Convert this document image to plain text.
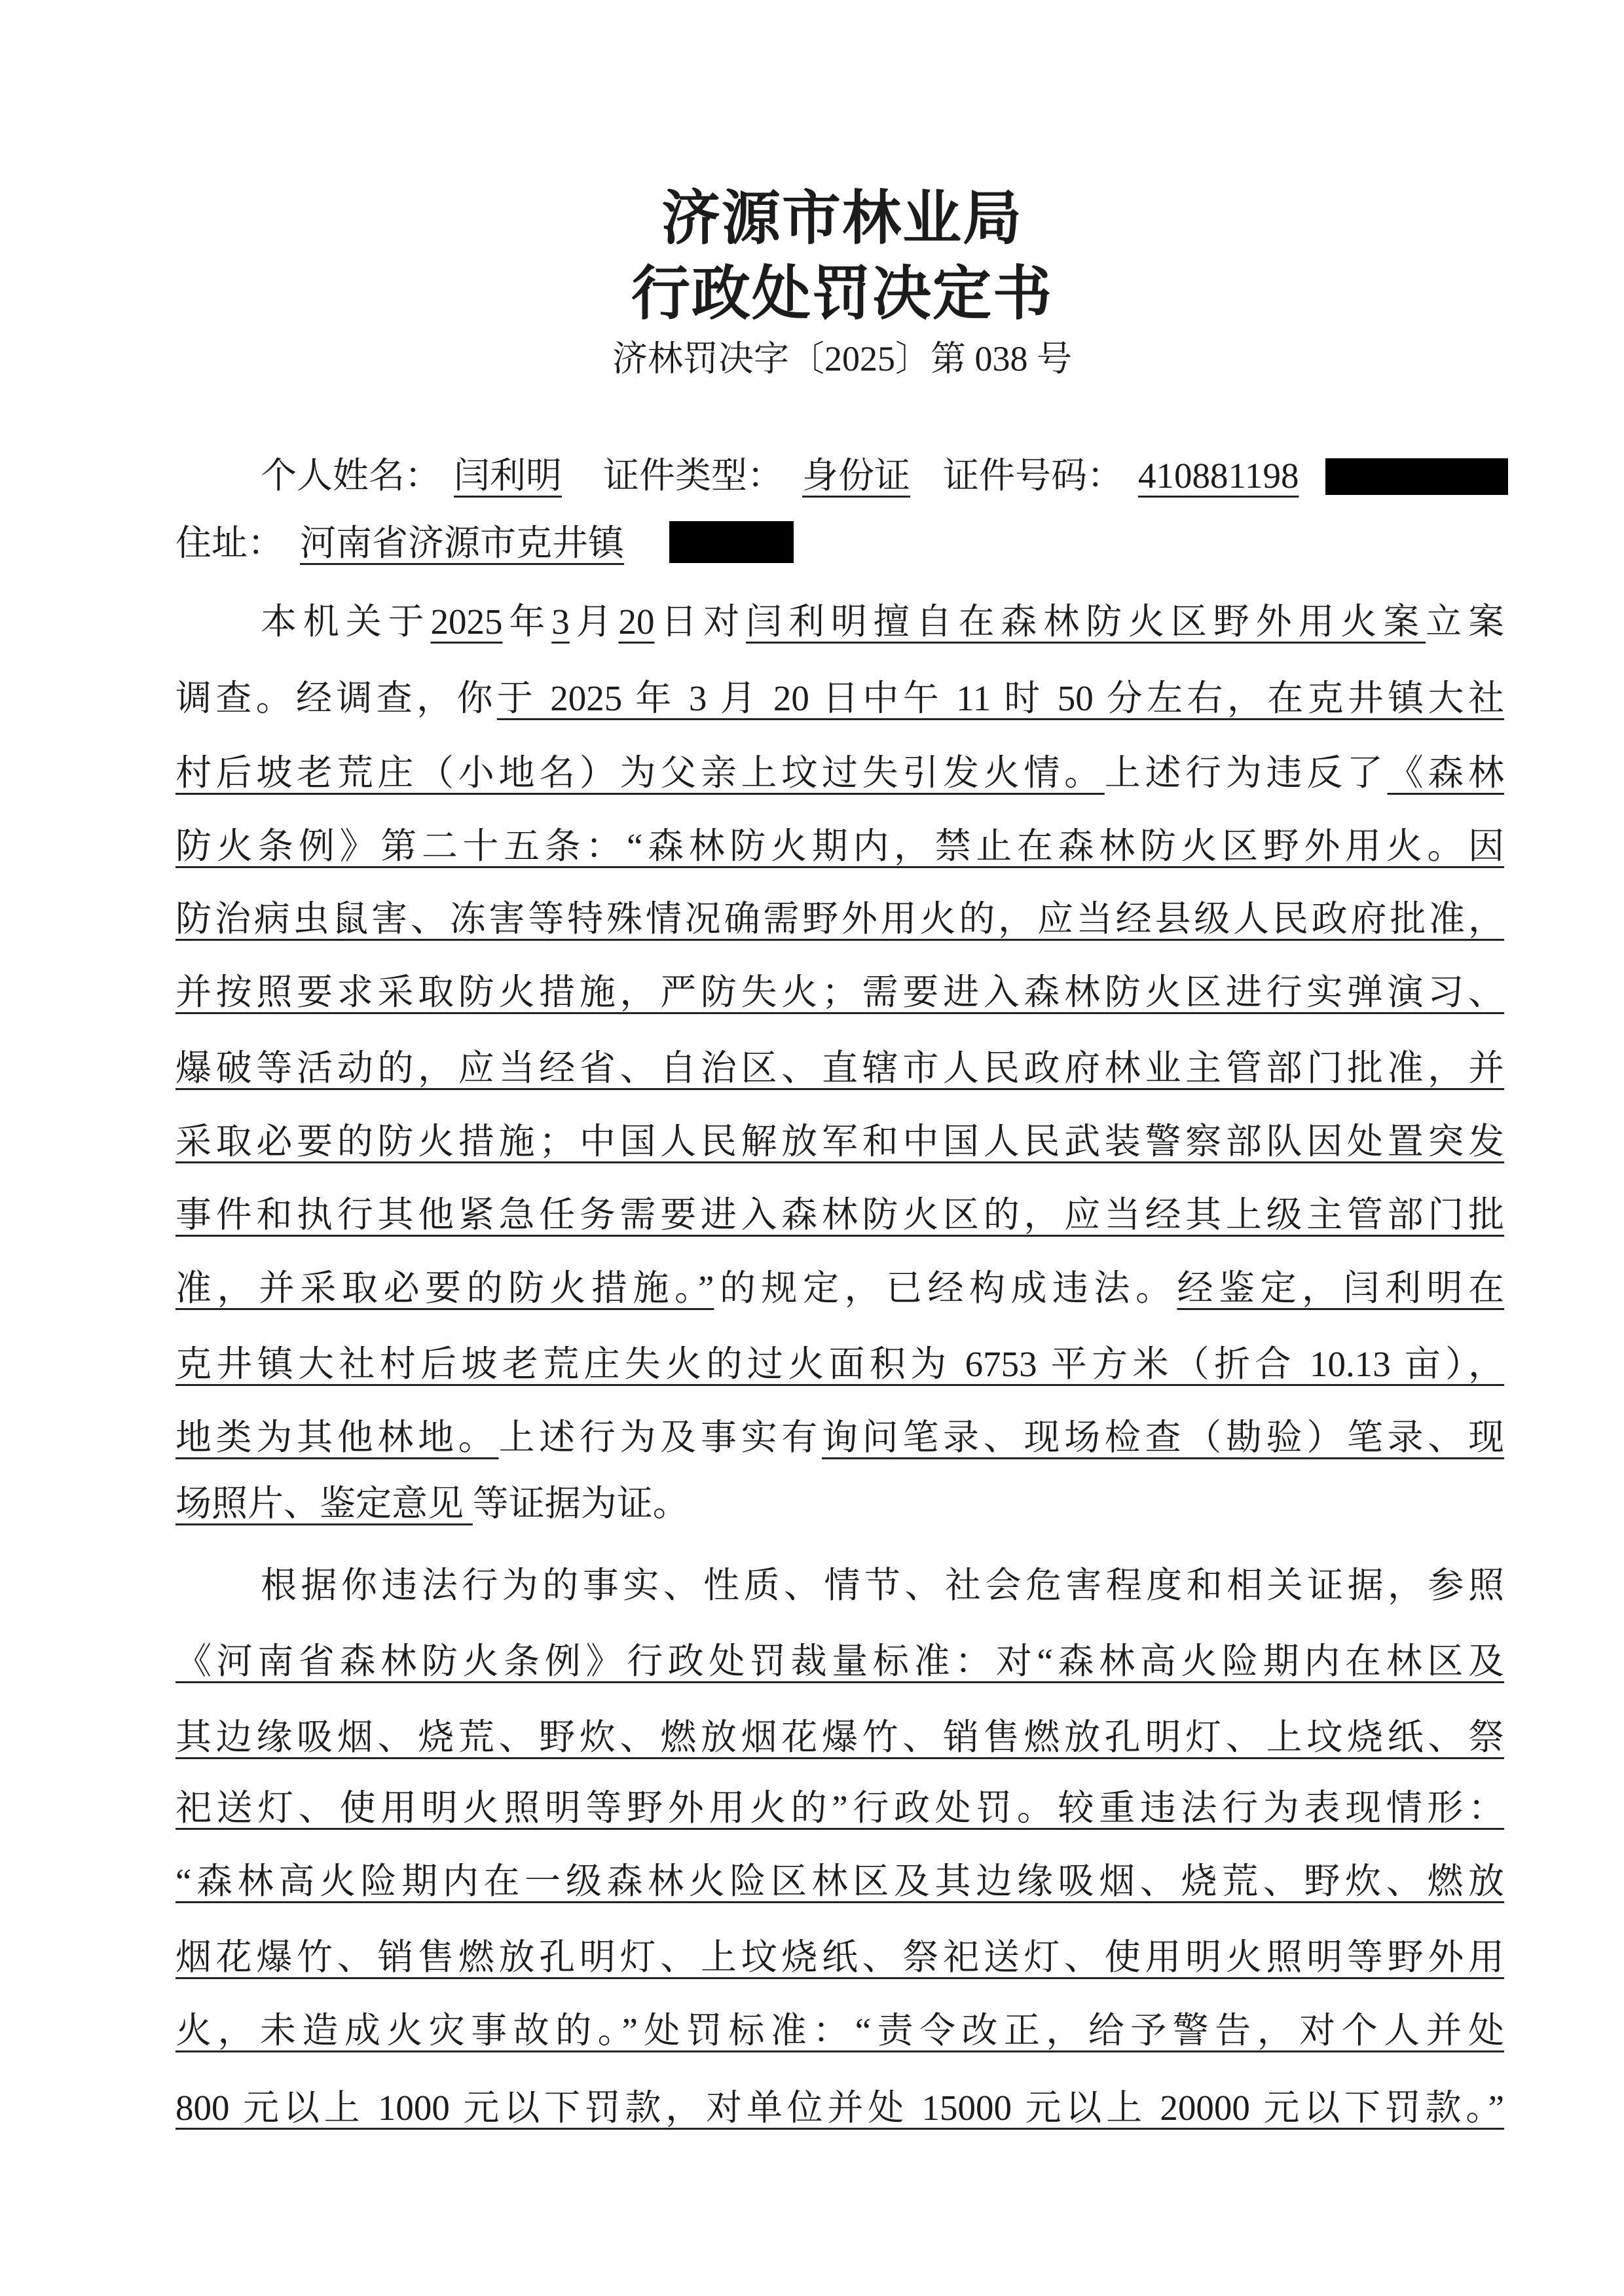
济源市林业局
行政处罚决定书
济林罚决字〔2025〕第 038 号
个人姓名： 闫利明	证件类型： 身份证 证件号码： 410881198
住址： 河南省济源市克井镇
本机关于2025年3月20日对闫利明擅自在森林防火区野外用火案立案
调查。经调查，你于 2025 年 3 月 20 日中午 11 时 50 分左右，在克井镇大社
村后坡老荒庄（小地名）为父亲上坟过失引发火情。上述行为违反了《森林
防火条例》第二十五条：“森林防火期内，禁止在森林防火区野外用火。因
防治病虫鼠害、冻害等特殊情况确需野外用火的，应当经县级人民政府批准，
并按照要求采取防火措施，严防失火；需要进入森林防火区进行实弹演习、
爆破等活动的，应当经省、自治区、直辖市人民政府林业主管部门批准，并
采取必要的防火措施；中国人民解放军和中国人民武装警察部队因处置突发
事件和执行其他紧急任务需要进入森林防火区的，应当经其上级主管部门批
准，并采取必要的防火措施。”的规定，已经构成违法。经鉴定，闫利明在
克井镇大社村后坡老荒庄失火的过火面积为 6753 平方米（折合 10.13 亩），
地类为其他林地。上述行为及事实有询问笔录、现场检查（勘验）笔录、现
场照片、鉴定意见 等证据为证。
根据你违法行为的事实、性质、情节、社会危害程度和相关证据，参照
《河南省森林防火条例》行政处罚裁量标准：对“森林高火险期内在林区及
其边缘吸烟、烧荒、野炊、燃放烟花爆竹、销售燃放孔明灯、上坟烧纸、祭
祀送灯、使用明火照明等野外用火的”行政处罚。较重违法行为表现情形：
“森林高火险期内在一级森林火险区林区及其边缘吸烟、烧荒、野炊、燃放
烟花爆竹、销售燃放孔明灯、上坟烧纸、祭祀送灯、使用明火照明等野外用
火，未造成火灾事故的。”处罚标准：“责令改正，给予警告，对个人并处
800 元以上 1000 元以下罚款，对单位并处 15000 元以上 20000 元以下罚款。”
